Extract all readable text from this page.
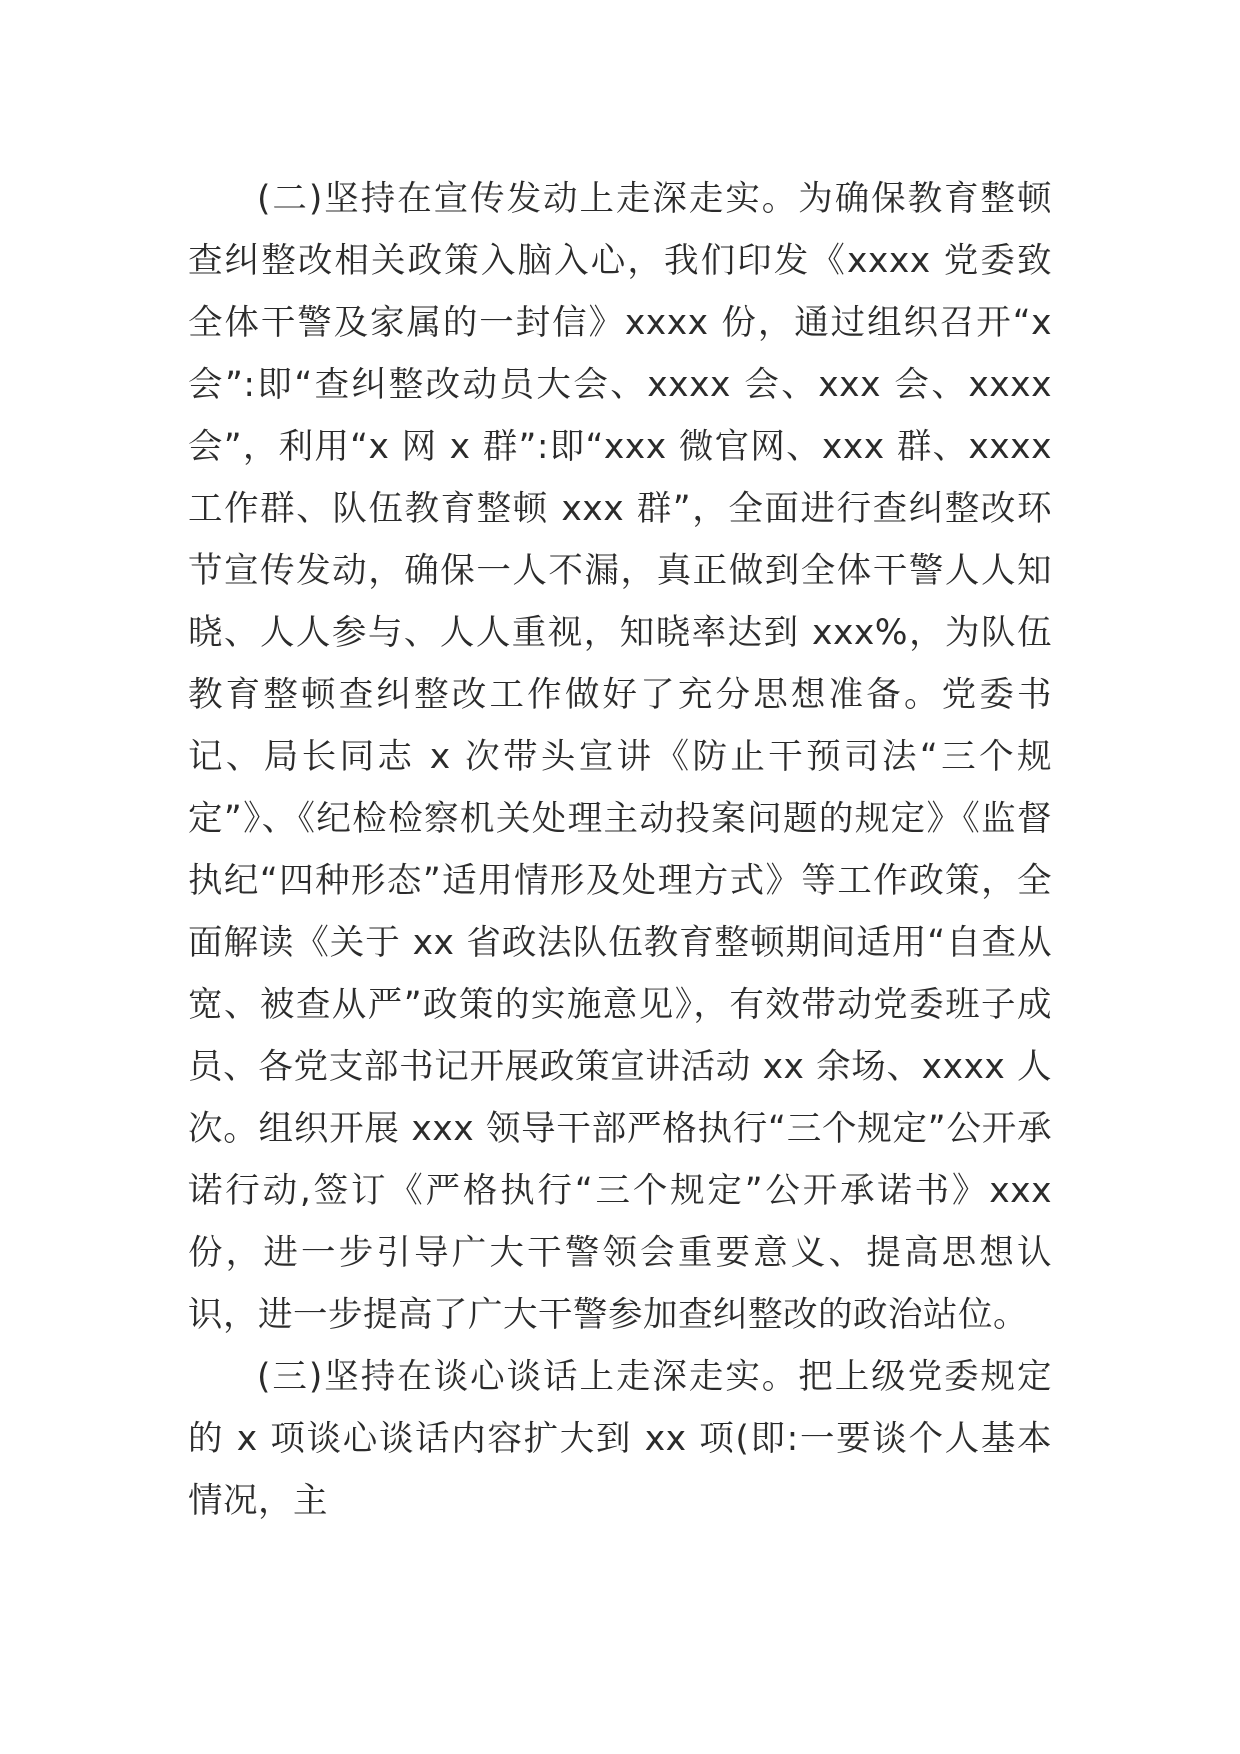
(二)坚持在宣传发动上走深走实。为确保教育整顿查纠整改相关政策入脑入心，我们印发《xxxx 党委致全体干警及家属的一封信》xxxx 份，通过组织召开“x 会”:即“查纠整改动员大会、xxxx 会、xxx 会、xxxx 会”，利用“x 网 x 群”:即“xxx 微官网、xxx 群、xxxx 工作群、队伍教育整顿 xxx 群”，全面进行查纠整改环节宣传发动，确保一人不漏，真正做到全体干警人人知晓、人人参与、人人重视，知晓率达到 xxx%，为队伍教育整顿查纠整改工作做好了充分思想准备。党委书记、局长同志 x 次带头宣讲《防止干预司法“三个规定”》、《纪检检察机关处理主动投案问题的规定》《监督执纪“四种形态”适用情形及处理方式》等工作政策，全面解读《关于 xx 省政法队伍教育整顿期间适用“自查从宽、被查从严”政策的实施意见》，有效带动党委班子成员、各党支部书记开展政策宣讲活动 xx 余场、xxxx 人次。组织开展 xxx 领导干部严格执行“三个规定”公开承诺行动,签订《严格执行“三个规定”公开承诺书》xxx 份，进一步引导广大干警领会重要意义、提高思想认识，进一步提高了广大干警参加查纠整改的政治站位。

(三)坚持在谈心谈话上走深走实。把上级党委规定的 x 项谈心谈话内容扩大到 xx 项(即:一要谈个人基本情况，主
